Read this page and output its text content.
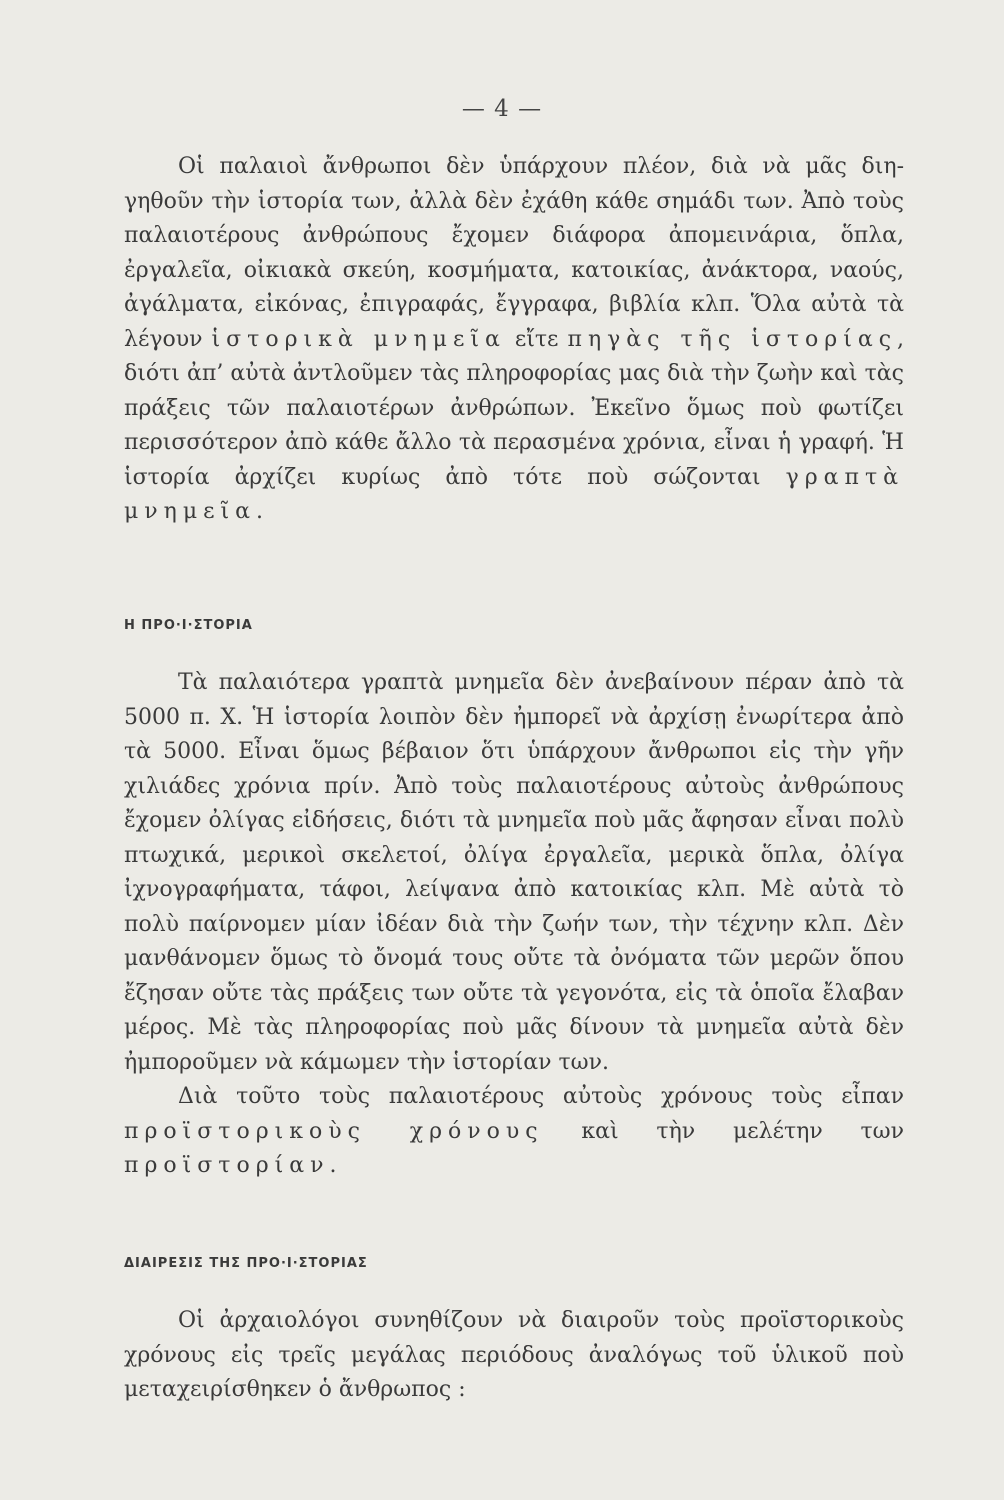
— 4 —

Οἱ παλαιοὶ ἄνθρωποι δὲν ὑπάρχουν πλέον, διὰ νὰ μᾶς διηγηθοῦν τὴν ἱστορία των, ἀλλὰ δὲν ἐχάθη κάθε σημάδι των. Ἀπὸ τοὺς παλαιοτέρους ἀνθρώπους ἔχομεν διάφορα ἀπομεινάρια, ὅπλα, ἐργαλεῖα, οἰκιακὰ σκεύη, κοσμήματα, κατοικίας, ἀνάκτορα, ναούς, ἀγάλματα, εἰκόνας, ἐπιγραφάς, ἔγγραφα, βιβλία κλπ. Ὅλα αὐτὰ τὰ λέγουν ἱστορικὰ μνημεῖα εἴτε πηγὰς τῆς ἱστορίας, διότι ἀπ’ αὐτὰ ἀντλοῦμεν τὰς πληροφορίας μας διὰ τὴν ζωὴν καὶ τὰς πράξεις τῶν παλαιοτέρων ἀνθρώπων. Ἐκεῖνο ὅμως ποὺ φωτίζει περισσότερον ἀπὸ κάθε ἄλλο τὰ περασμένα χρόνια, εἶναι ἡ γραφή. Ἡ ἱστορία ἀρχίζει κυρίως ἀπὸ τότε ποὺ σώζονται γραπτὰ μνημεῖα.

Η ΠΡΟ·Ι·ΣΤΟΡΙΑ

Τὰ παλαιότερα γραπτὰ μνημεῖα δὲν ἀνεβαίνουν πέραν ἀπὸ τὰ 5000 π. Χ. Ἡ ἱστορία λοιπὸν δὲν ἠμπορεῖ νὰ ἀρχίσῃ ἐνωρίτερα ἀπὸ τὰ 5000. Εἶναι ὅμως βέβαιον ὅτι ὑπάρχουν ἄνθρωποι εἰς τὴν γῆν χιλιάδες χρόνια πρίν. Ἀπὸ τοὺς παλαιοτέρους αὐτοὺς ἀνθρώπους ἔχομεν ὀλίγας εἰδήσεις, διότι τὰ μνημεῖα ποὺ μᾶς ἄφησαν εἶναι πολὺ πτωχικά, μερικοὶ σκελετοί, ὀλίγα ἐργαλεῖα, μερικὰ ὅπλα, ὀλίγα ἰχνογραφήματα, τάφοι, λείψανα ἀπὸ κατοικίας κλπ. Μὲ αὐτὰ τὸ πολὺ παίρνομεν μίαν ἰδέαν διὰ τὴν ζωήν των, τὴν τέχνην κλπ. Δὲν μανθάνομεν ὅμως τὸ ὄνομά τους οὔτε τὰ ὀνόματα τῶν μερῶν ὅπου ἔζησαν οὔτε τὰς πράξεις των οὔτε τὰ γεγονότα, εἰς τὰ ὁποῖα ἔλαβαν μέρος. Μὲ τὰς πληροφορίας ποὺ μᾶς δίνουν τὰ μνημεῖα αὐτὰ δὲν ἠμποροῦμεν νὰ κάμωμεν τὴν ἱστορίαν των.

Διὰ τοῦτο τοὺς παλαιοτέρους αὐτοὺς χρόνους τοὺς εἶπαν προϊστορικοὺς χρόνους καὶ τὴν μελέτην των προϊστορίαν.

ΔΙΑΙΡΕΣΙΣ ΤΗΣ ΠΡΟ·Ι·ΣΤΟΡΙΑΣ

Οἱ ἀρχαιολόγοι συνηθίζουν νὰ διαιροῦν τοὺς προϊστορικοὺς χρόνους εἰς τρεῖς μεγάλας περιόδους ἀναλόγως τοῦ ὑλικοῦ ποὺ μεταχειρίσθηκεν ὁ ἄνθρωπος :
